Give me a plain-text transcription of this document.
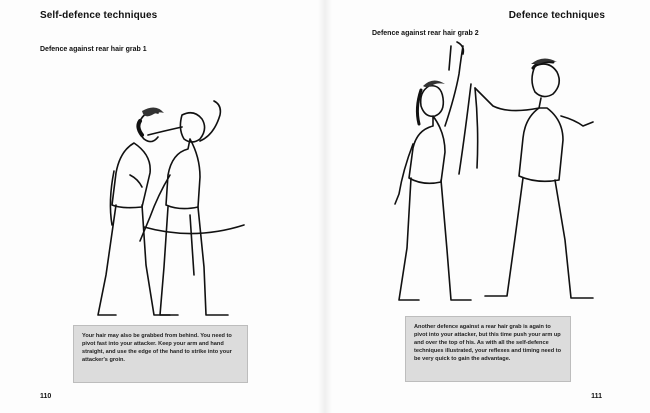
Self-defence techniques
Defence against rear hair grab 1
Your hair may also be grabbed from behind. You need to pivot fast into your attacker. Keep your arm and hand straight, and use the edge of the hand to strike into your attacker's groin.
110
Defence techniques
Defence against rear hair grab 2
Another defence against a rear hair grab is again to pivot into your attacker, but this time push your arm up and over the top of his. As with all the self-defence techniques illustrated, your reflexes and timing need to be very quick to gain the advantage.
111
